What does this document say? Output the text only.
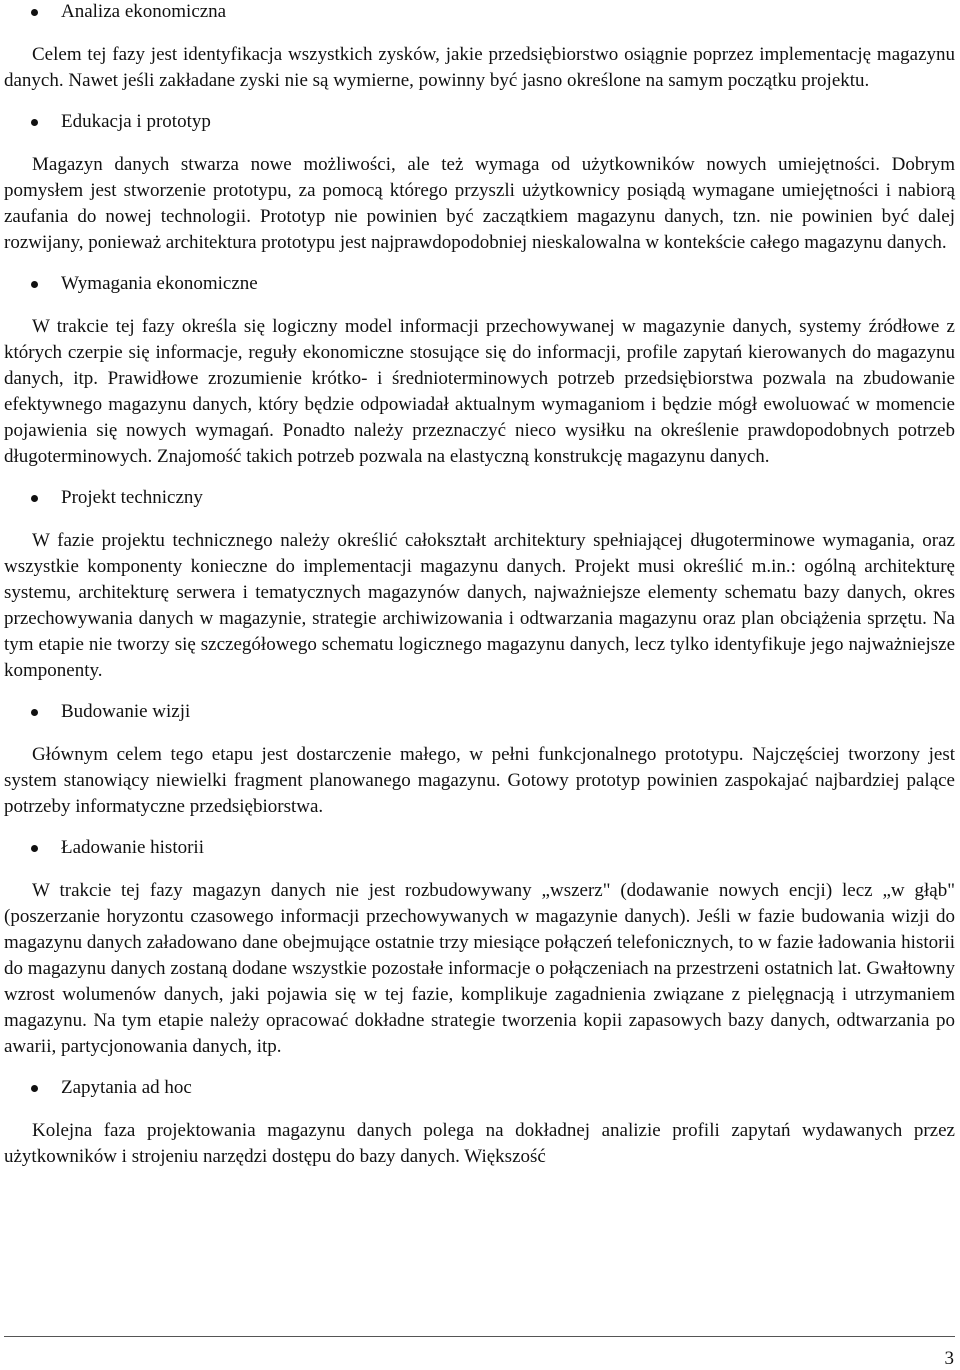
Analiza ekonomiczna

Celem tej fazy jest identyfikacja wszystkich zysków, jakie przedsiębiorstwo osiągnie poprzez implementację magazynu danych. Nawet jeśli zakładane zyski nie są wymierne, powinny być jasno określone na samym początku projektu.

Edukacja i prototyp

Magazyn danych stwarza nowe możliwości, ale też wymaga od użytkowników nowych umiejętności. Dobrym pomysłem jest stworzenie prototypu, za pomocą którego przyszli użytkownicy posiądą wymagane umiejętności i nabiorą zaufania do nowej technologii. Prototyp nie powinien być zaczątkiem magazynu danych, tzn. nie powinien być dalej rozwijany, ponieważ architektura prototypu jest najprawdopodobniej nieskalowalna w kontekście całego magazynu danych.

Wymagania ekonomiczne

W trakcie tej fazy określa się logiczny model informacji przechowywanej w magazynie danych, systemy źródłowe z których czerpie się informacje, reguły ekonomiczne stosujące się do informacji, profile zapytań kierowanych do magazynu danych, itp. Prawidłowe zrozumienie krótko- i średnioterminowych potrzeb przedsiębiorstwa pozwala na zbudowanie efektywnego magazynu danych, który będzie odpowiadał aktualnym wymaganiom i będzie mógł ewoluować w momencie pojawienia się nowych wymagań. Ponadto należy przeznaczyć nieco wysiłku na określenie prawdopodobnych potrzeb długoterminowych. Znajomość takich potrzeb pozwala na elastyczną konstrukcję magazynu danych.

Projekt techniczny

W fazie projektu technicznego należy określić całokształt architektury spełniającej długoterminowe wymagania, oraz wszystkie komponenty konieczne do implementacji magazynu danych. Projekt musi określić m.in.: ogólną architekturę systemu, architekturę serwera i tematycznych magazynów danych, najważniejsze elementy schematu bazy danych, okres przechowywania danych w magazynie, strategie archiwizowania i odtwarzania magazynu oraz plan obciążenia sprzętu. Na tym etapie nie tworzy się szczegółowego schematu logicznego magazynu danych, lecz tylko identyfikuje jego najważniejsze komponenty.

Budowanie wizji

Głównym celem tego etapu jest dostarczenie małego, w pełni funkcjonalnego prototypu. Najczęściej tworzony jest system stanowiący niewielki fragment planowanego magazynu. Gotowy prototyp powinien zaspokajać najbardziej palące potrzeby informatyczne przedsiębiorstwa.

Ładowanie historii

W trakcie tej fazy magazyn danych nie jest rozbudowywany „wszerz" (dodawanie nowych encji) lecz „w głąb" (poszerzanie horyzontu czasowego informacji przechowywanych w magazynie danych). Jeśli w fazie budowania wizji do magazynu danych załadowano dane obejmujące ostatnie trzy miesiące połączeń telefonicznych, to w fazie ładowania historii do magazynu danych zostaną dodane wszystkie pozostałe informacje o połączeniach na przestrzeni ostatnich lat. Gwałtowny wzrost wolumenów danych, jaki pojawia się w tej fazie, komplikuje zagadnienia związane z pielęgnacją i utrzymaniem magazynu. Na tym etapie należy opracować dokładne strategie tworzenia kopii zapasowych bazy danych, odtwarzania po awarii, partycjonowania danych, itp.

Zapytania ad hoc

Kolejna faza projektowania magazynu danych polega na dokładnej analizie profili zapytań wydawanych przez użytkowników i strojeniu narzędzi dostępu do bazy danych. Większość

3
